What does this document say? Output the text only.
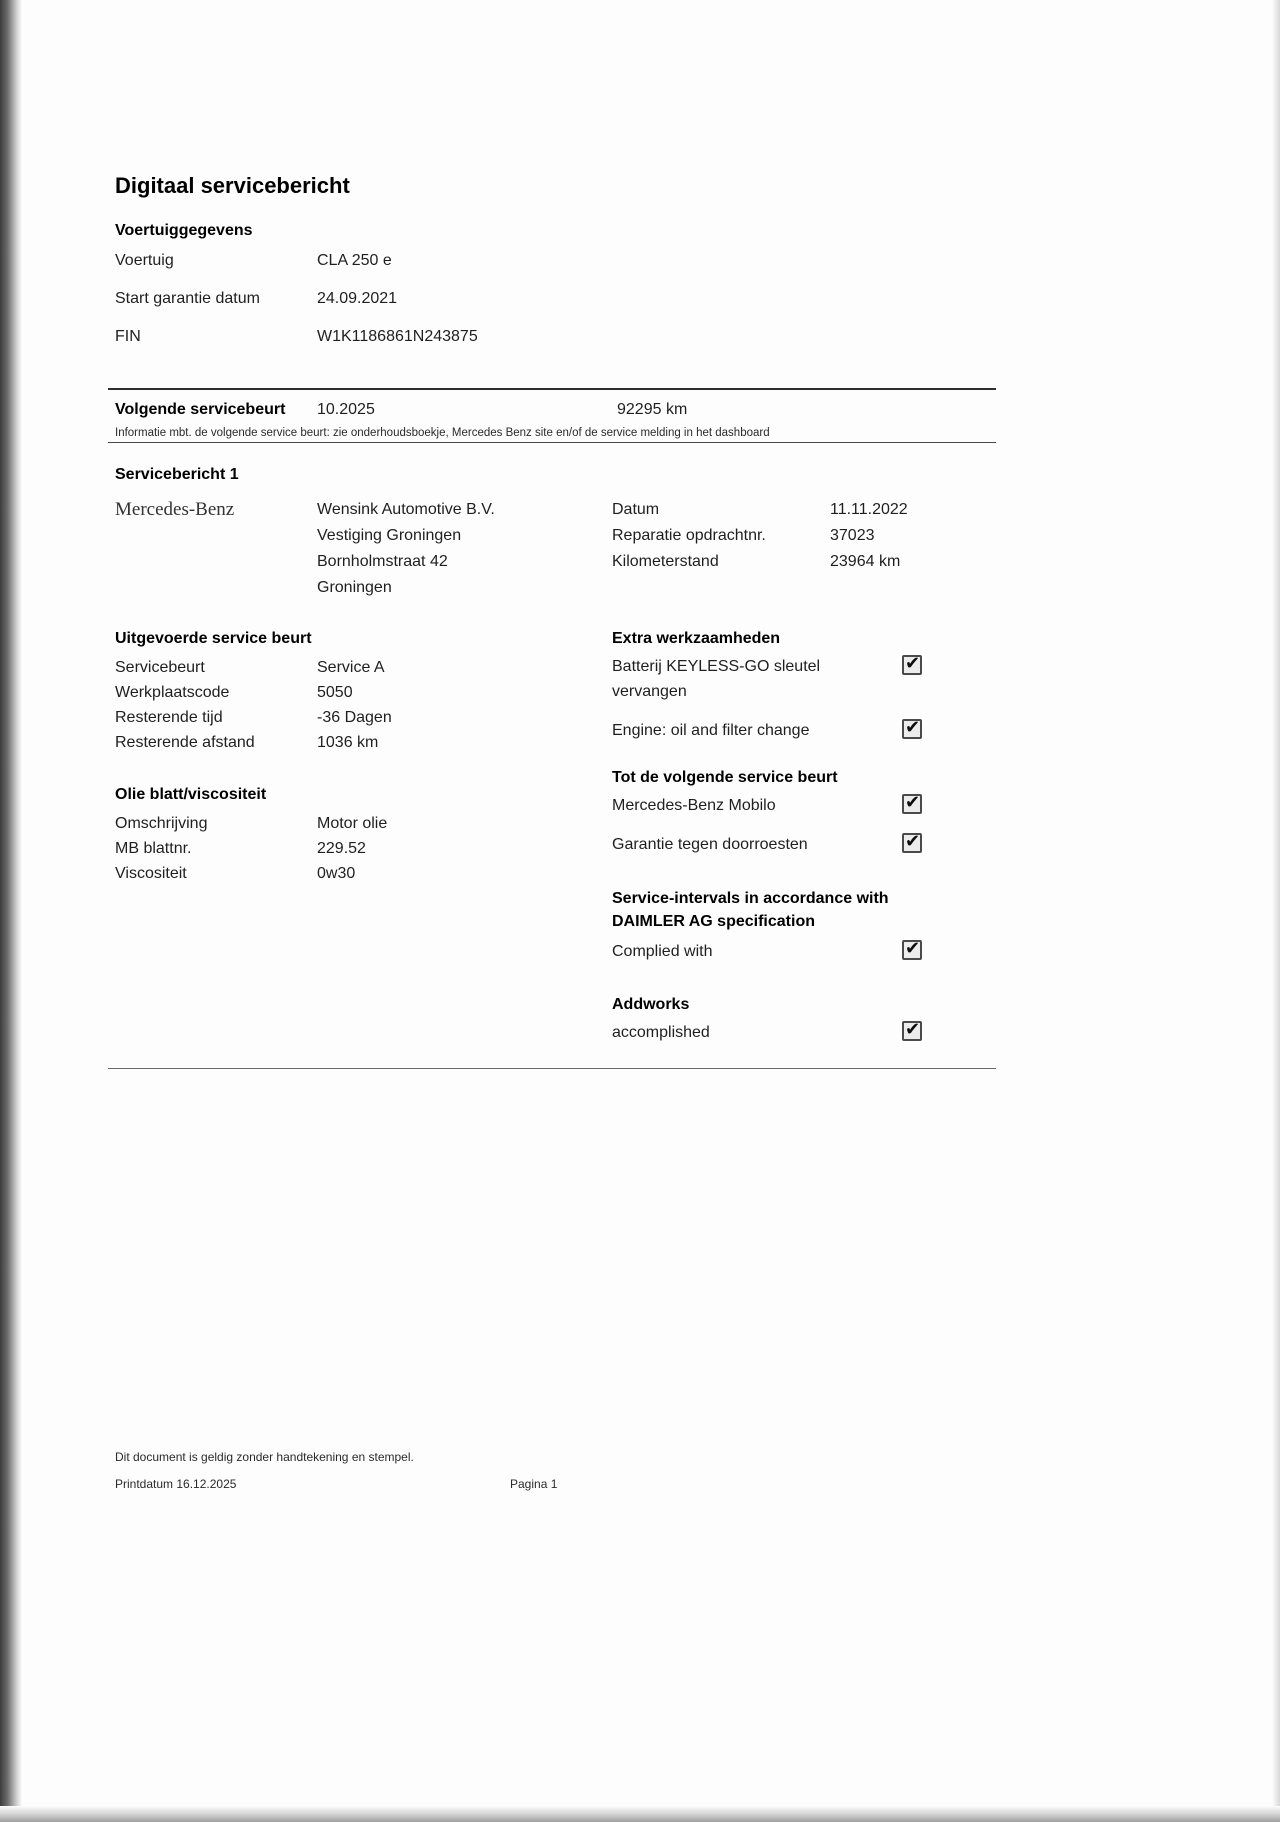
Digitaal servicebericht
Voertuiggegevens
Voertuig	CLA 250 e
Start garantie datum	24.09.2021
FIN	W1K1186861N243875
Volgende servicebeurt	10.2025	92295 km
Informatie mbt. de volgende service beurt: zie onderhoudsboekje, Mercedes Benz site en/of de service melding in het dashboard
Servicebericht 1
Mercedes-Benz	Wensink Automotive B.V.
Vestiging Groningen
Bornholmstraat 42
Groningen
Datum	11.11.2022
Reparatie opdrachtnr.	37023
Kilometerstand	23964 km
Uitgevoerde service beurt
Servicebeurt	Service A
Werkplaatscode	5050
Resterende tijd	-36 Dagen
Resterende afstand	1036 km
Olie blatt/viscositeit
Omschrijving	Motor olie
MB blattnr.	229.52
Viscositeit	0w30
Extra werkzaamheden
Batterij KEYLESS-GO sleutel vervangen
✔
Engine: oil and filter change
✔
Tot de volgende service beurt
Mercedes-Benz Mobilo
✔
Garantie tegen doorroesten
✔
Service-intervals in accordance with DAIMLER AG specification
Complied with
✔
Addworks
accomplished
✔
Dit document is geldig zonder handtekening en stempel.
Printdatum 16.12.2025	Pagina 1
